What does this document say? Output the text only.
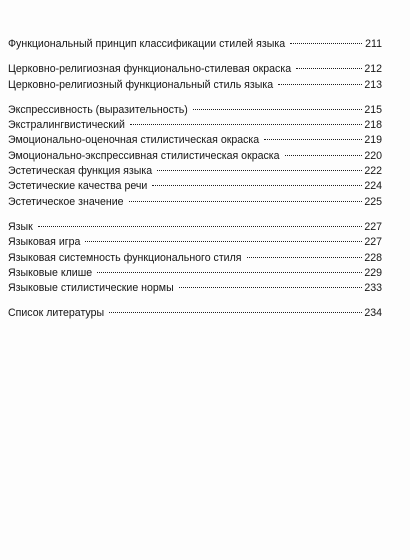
Функциональный принцип классификации стилей языка	211
Церковно-религиозная функционально-стилевая окраска	212
Церковно-религиозный функциональный стиль языка	213
Экспрессивность (выразительность)	215
Экстралингвистический	218
Эмоционально-оценочная стилистическая окраска	219
Эмоционально-экспрессивная стилистическая окраска	220
Эстетическая функция языка	222
Эстетические качества речи	224
Эстетическое значение	225
Язык	227
Языковая игра	227
Языковая системность функционального стиля	228
Языковые клише	229
Языковые стилистические нормы	233
Список литературы	234
